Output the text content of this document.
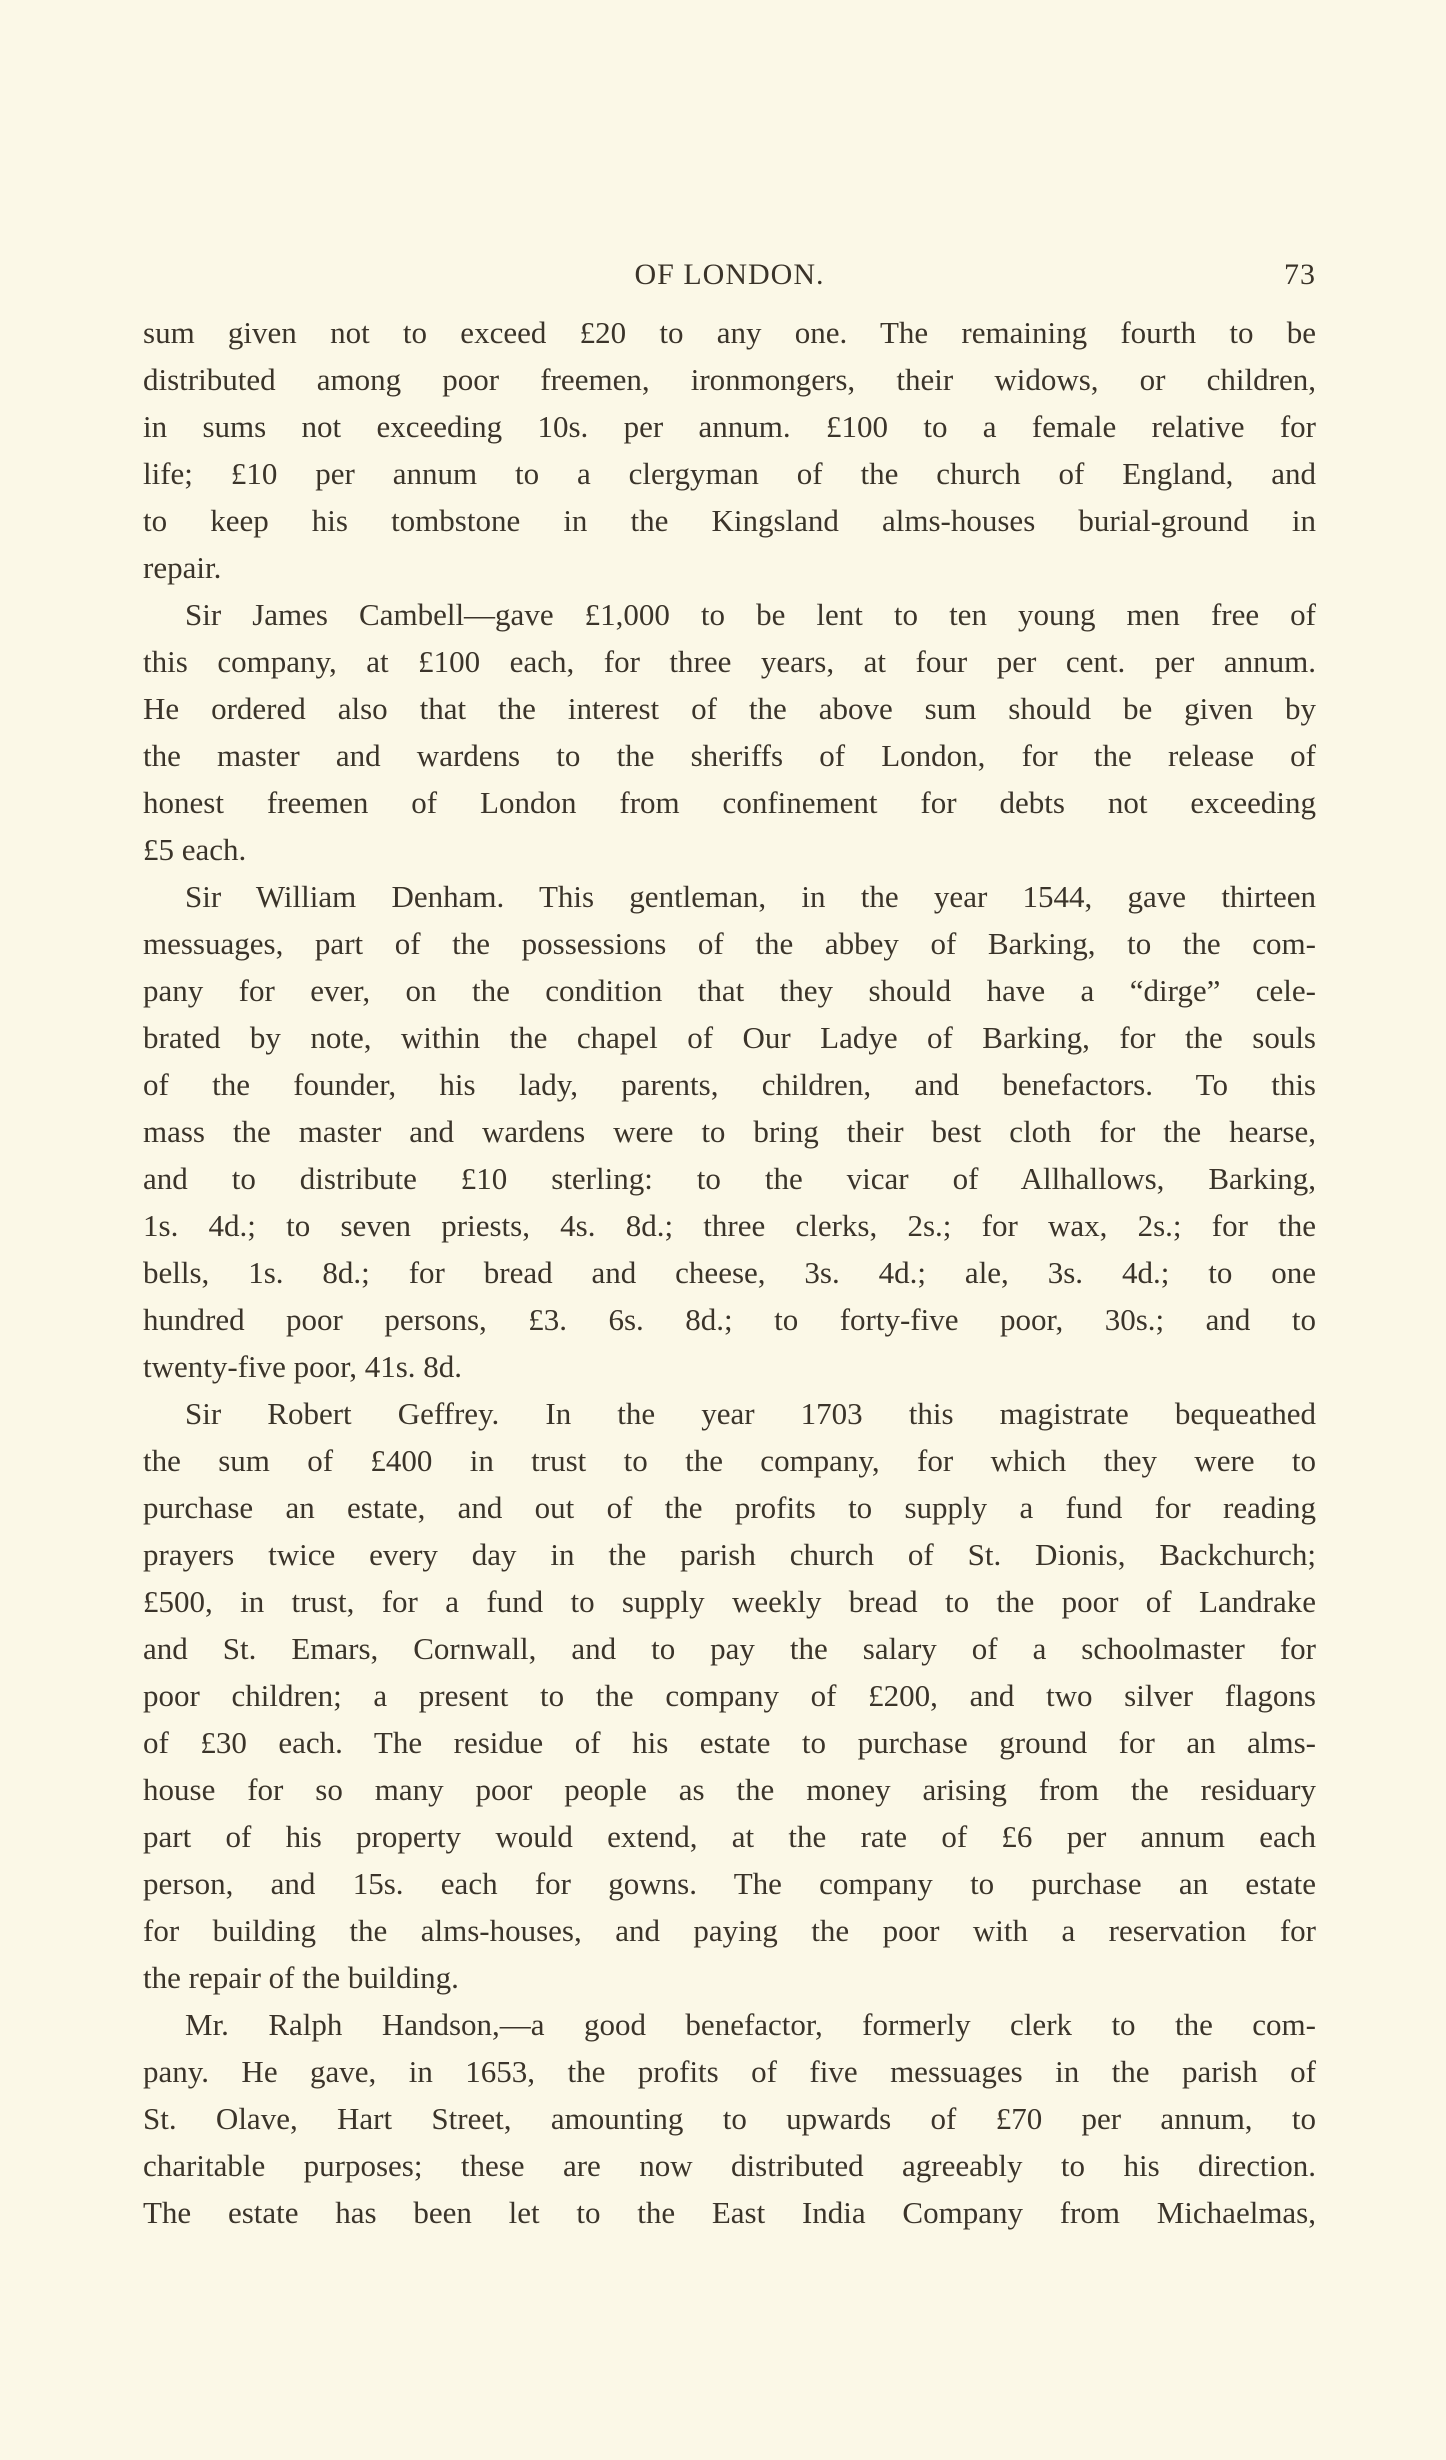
OF LONDON.	73
sum given not to exceed £20 to any one. The remaining fourth to be
distributed among poor freemen, ironmongers, their widows, or children,
in sums not exceeding 10s. per annum. £100 to a female relative for
life; £10 per annum to a clergyman of the church of England, and
to keep his tombstone in the Kingsland alms-houses burial-ground in
repair.
Sir James Cambell—gave £1,000 to be lent to ten young men free of
this company, at £100 each, for three years, at four per cent. per annum.
He ordered also that the interest of the above sum should be given by
the master and wardens to the sheriffs of London, for the release of
honest freemen of London from confinement for debts not exceeding
£5 each.
Sir William Denham. This gentleman, in the year 1544, gave thirteen
messuages, part of the possessions of the abbey of Barking, to the com-
pany for ever, on the condition that they should have a “dirge” cele-
brated by note, within the chapel of Our Ladye of Barking, for the souls
of the founder, his lady, parents, children, and benefactors. To this
mass the master and wardens were to bring their best cloth for the hearse,
and to distribute £10 sterling: to the vicar of Allhallows, Barking,
1s. 4d.; to seven priests, 4s. 8d.; three clerks, 2s.; for wax, 2s.; for the
bells, 1s. 8d.; for bread and cheese, 3s. 4d.; ale, 3s. 4d.; to one
hundred poor persons, £3. 6s. 8d.; to forty-five poor, 30s.; and to
twenty-five poor, 41s. 8d.
Sir Robert Geffrey. In the year 1703 this magistrate bequeathed
the sum of £400 in trust to the company, for which they were to
purchase an estate, and out of the profits to supply a fund for reading
prayers twice every day in the parish church of St. Dionis, Backchurch;
£500, in trust, for a fund to supply weekly bread to the poor of Landrake
and St. Emars, Cornwall, and to pay the salary of a schoolmaster for
poor children; a present to the company of £200, and two silver flagons
of £30 each. The residue of his estate to purchase ground for an alms-
house for so many poor people as the money arising from the residuary
part of his property would extend, at the rate of £6 per annum each
person, and 15s. each for gowns. The company to purchase an estate
for building the alms-houses, and paying the poor with a reservation for
the repair of the building.
Mr. Ralph Handson,—a good benefactor, formerly clerk to the com-
pany. He gave, in 1653, the profits of five messuages in the parish of
St. Olave, Hart Street, amounting to upwards of £70 per annum, to
charitable purposes; these are now distributed agreeably to his direction.
The estate has been let to the East India Company from Michaelmas,
